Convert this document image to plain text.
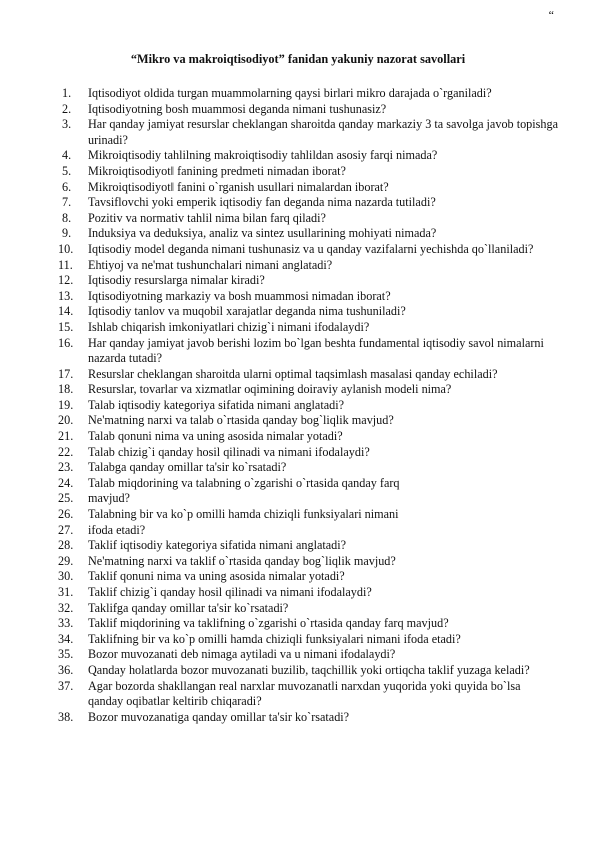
“
“Mikro va makroiqtisodiyot” fanidan yakuniy nazorat savollari
1. Iqtisodiyot oldida turgan muammolarning qaysi birlari mikro darajada o`rganiladi?
2. Iqtisodiyotning bosh muammosi deganda nimani tushunasiz?
3. Har qanday jamiyat resurslar cheklangan sharoitda qanday markaziy 3 ta savolga javob topishga urinadi?
4. Mikroiqtisodiy tahlilning makroiqtisodiy tahlildan asosiy farqi nimada?
5. Mikroiqtisodiyot‖ fanining predmeti nimadan iborat?
6. Mikroiqtisodiyot‖ fanini o`rganish usullari nimalardan iborat?
7. Tavsiflovchi yoki emperik iqtisodiy fan deganda nima nazarda tutiladi?
8. Pozitiv va normativ tahlil nima bilan farq qiladi?
9. Induksiya va deduksiya, analiz va sintez usullarining mohiyati nimada?
10. Iqtisodiy model deganda nimani tushunasiz va u qanday vazifalarni yechishda qo`llaniladi?
11. Ehtiyoj va ne'mat tushunchalari nimani anglatadi?
12. Iqtisodiy resurslarga nimalar kiradi?
13. Iqtisodiyotning markaziy va bosh muammosi nimadan iborat?
14. Iqtisodiy tanlov va muqobil xarajatlar deganda nima tushuniladi?
15. Ishlab chiqarish imkoniyatlari chizig`i nimani ifodalaydi?
16. Har qanday jamiyat javob berishi lozim bo`lgan beshta fundamental iqtisodiy savol nimalarni nazarda tutadi?
17. Resurslar cheklangan sharoitda ularni optimal taqsimlash masalasi qanday echiladi?
18. Resurslar, tovarlar va xizmatlar oqimining doiraviy aylanish modeli nima?
19. Talab iqtisodiy kategoriya sifatida nimani anglatadi?
20. Ne'matning narxi va talab o`rtasida qanday bog`liqlik mavjud?
21. Talab qonuni nima va uning asosida nimalar yotadi?
22. Talab chizig`i qanday hosil qilinadi va nimani ifodalaydi?
23. Talabga qanday omillar ta'sir ko`rsatadi?
24. Talab miqdorining va talabning o`zgarishi o`rtasida qanday farq
25. mavjud?
26. Talabning bir va ko`p omilli hamda chiziqli funksiyalari nimani
27. ifoda etadi?
28. Taklif iqtisodiy kategoriya sifatida nimani anglatadi?
29. Ne'matning narxi va taklif o`rtasida qanday bog`liqlik mavjud?
30. Taklif qonuni nima va uning asosida nimalar yotadi?
31. Taklif chizig`i qanday hosil qilinadi va nimani ifodalaydi?
32. Taklifga qanday omillar ta'sir ko`rsatadi?
33. Taklif miqdorining va taklifning o`zgarishi o`rtasida qanday farq mavjud?
34. Taklifning bir va ko`p omilli hamda chiziqli funksiyalari nimani ifoda etadi?
35. Bozor muvozanati deb nimaga aytiladi va u nimani ifodalaydi?
36. Qanday holatlarda bozor muvozanati buzilib, taqchillik yoki ortiqcha taklif yuzaga keladi?
37. Agar bozorda shakllangan real narxlar muvozanatli narxdan yuqorida yoki quyida bo`lsa qanday oqibatlar keltirib chiqaradi?
38. Bozor muvozanatiga qanday omillar ta'sir ko`rsatadi?
